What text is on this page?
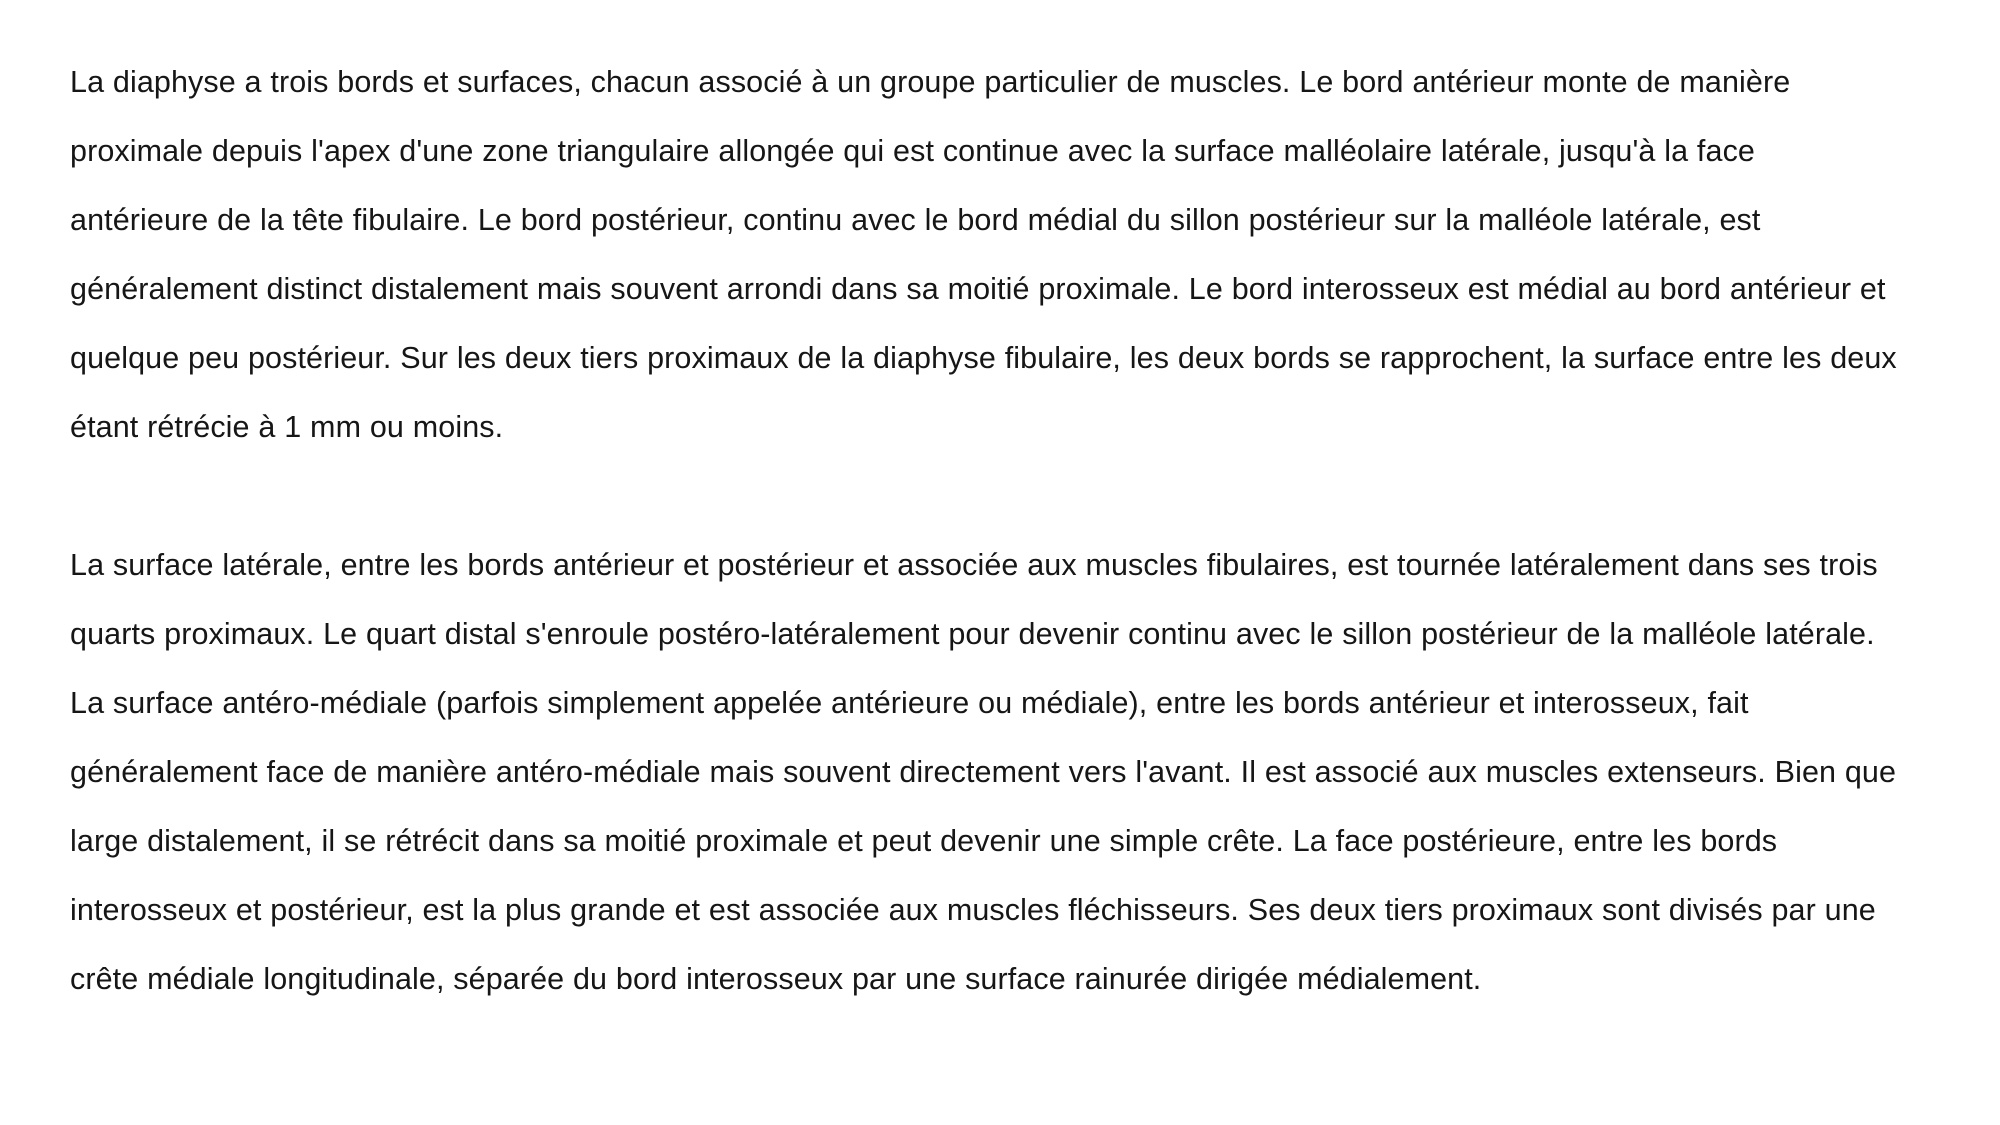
La diaphyse a trois bords et surfaces, chacun associé à un groupe particulier de muscles. Le bord antérieur monte de manière proximale depuis l'apex d'une zone triangulaire allongée qui est continue avec la surface malléolaire latérale, jusqu'à la face antérieure de la tête fibulaire. Le bord postérieur, continu avec le bord médial du sillon postérieur sur la malléole latérale, est généralement distinct distalement mais souvent arrondi dans sa moitié proximale. Le bord interosseux est médial au bord antérieur et quelque peu postérieur. Sur les deux tiers proximaux de la diaphyse fibulaire, les deux bords se rapprochent, la surface entre les deux étant rétrécie à 1 mm ou moins.

La surface latérale, entre les bords antérieur et postérieur et associée aux muscles fibulaires, est tournée latéralement dans ses trois quarts proximaux. Le quart distal s'enroule postéro-latéralement pour devenir continu avec le sillon postérieur de la malléole latérale. La surface antéro-médiale (parfois simplement appelée antérieure ou médiale), entre les bords antérieur et interosseux, fait généralement face de manière antéro-médiale mais souvent directement vers l'avant. Il est associé aux muscles extenseurs. Bien que large distalement, il se rétrécit dans sa moitié proximale et peut devenir une simple crête. La face postérieure, entre les bords interosseux et postérieur, est la plus grande et est associée aux muscles fléchisseurs. Ses deux tiers proximaux sont divisés par une crête médiale longitudinale, séparée du bord interosseux par une surface rainurée dirigée médialement.
